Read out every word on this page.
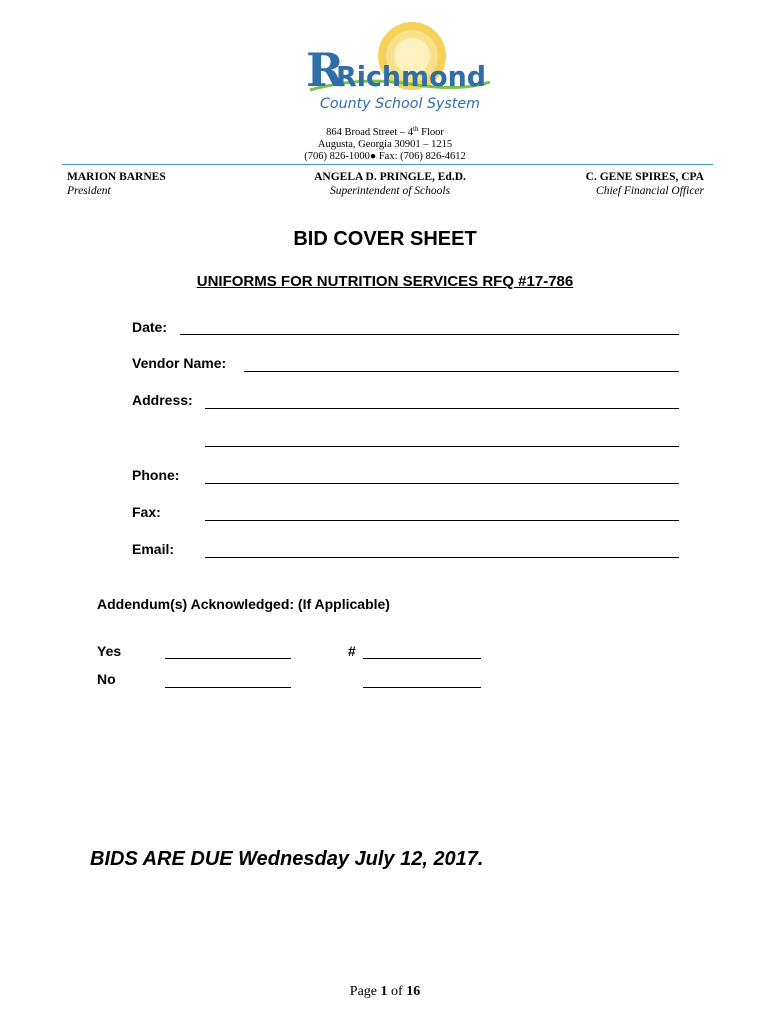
R
Richmond
County School System
864 Broad Street – 4th Floor
Augusta, Georgia 30901 – 1215
(706) 826-1000● Fax: (706) 826-4612
MARION BARNES
President
ANGELA D. PRINGLE, Ed.D.
Superintendent of Schools
C. GENE SPIRES, CPA
Chief Financial Officer
BID COVER SHEET
UNIFORMS FOR NUTRITION SERVICES RFQ #17-786
Date:
Vendor Name:
Address:
Phone:
Fax:
Email:
Addendum(s) Acknowledged: (If Applicable)
Yes	#
No
BIDS ARE DUE Wednesday July 12, 2017.
Page 1 of 16
